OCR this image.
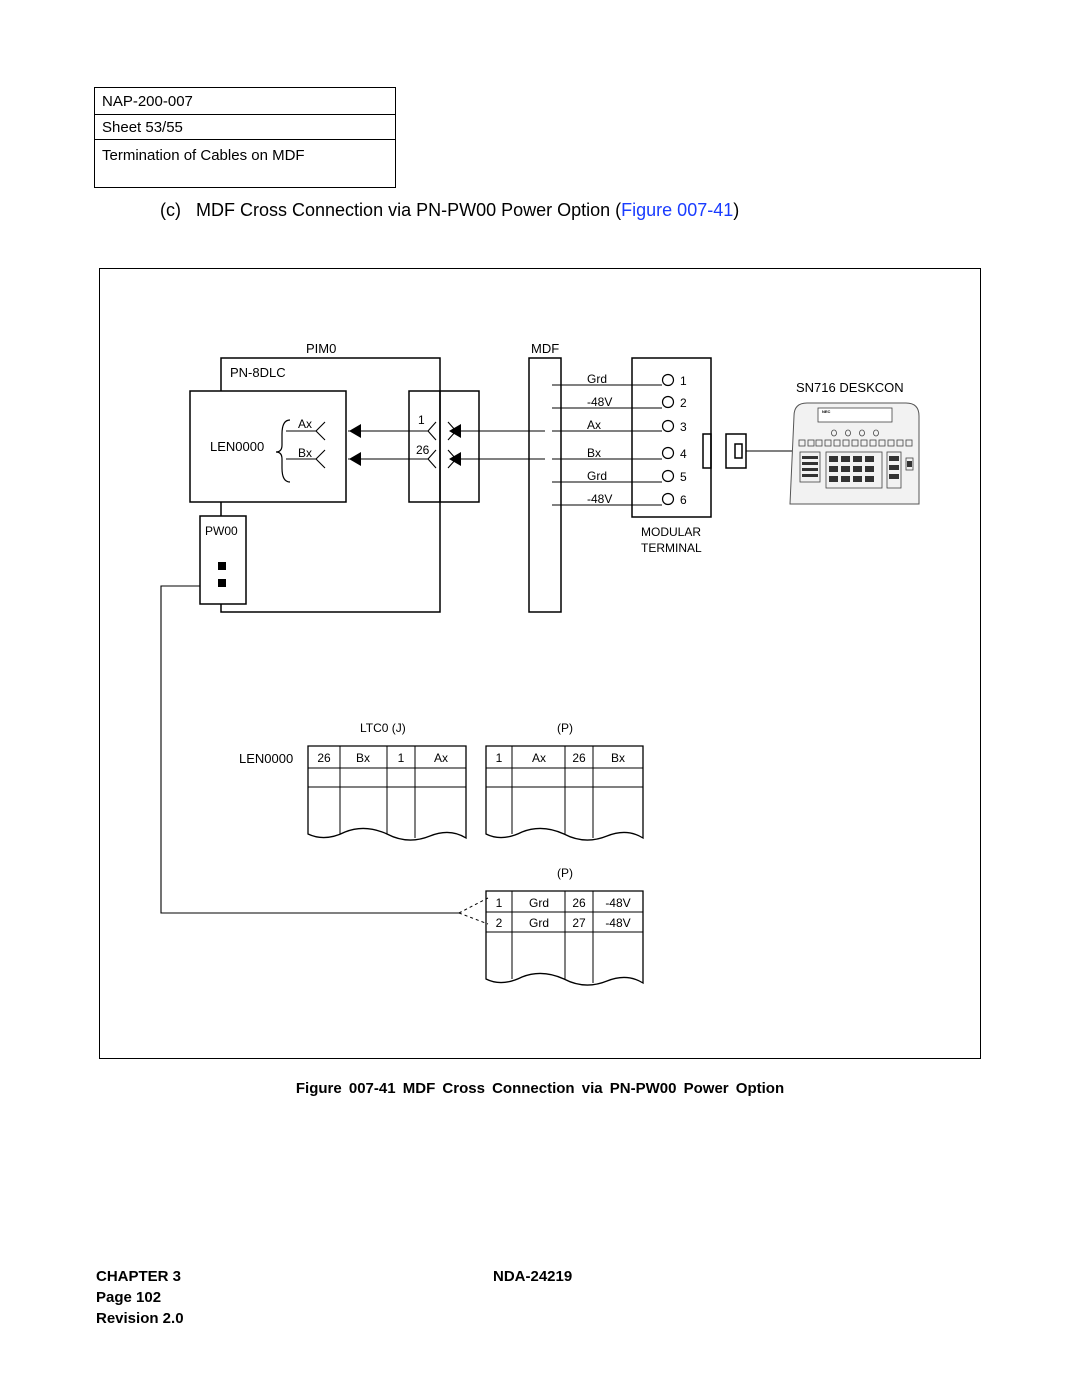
NAP-200-007
Sheet 53/55
Termination of Cables on MDF
(c) MDF Cross Connection via PN-PW00 Power Option (Figure 007-41)
PIM0
PN-8DLC
LEN0000
Ax
Bx
1
26
PW00
MDF
Grd
-48V
Ax
Bx
Grd
-48V
1
2
3
4
5
6
MODULAR
TERMINAL
SN716 DESKCON
LTC0 (J)	(P)
(P)
LEN0000
NEC
26 Bx 1 Ax	1 Ax 26 Bx
1 Grd 26 -48V
2 Grd 27 -48V
Figure 007-41 MDF Cross Connection via PN-PW00 Power Option
CHAPTER 3
Page 102
Revision 2.0
NDA-24219
